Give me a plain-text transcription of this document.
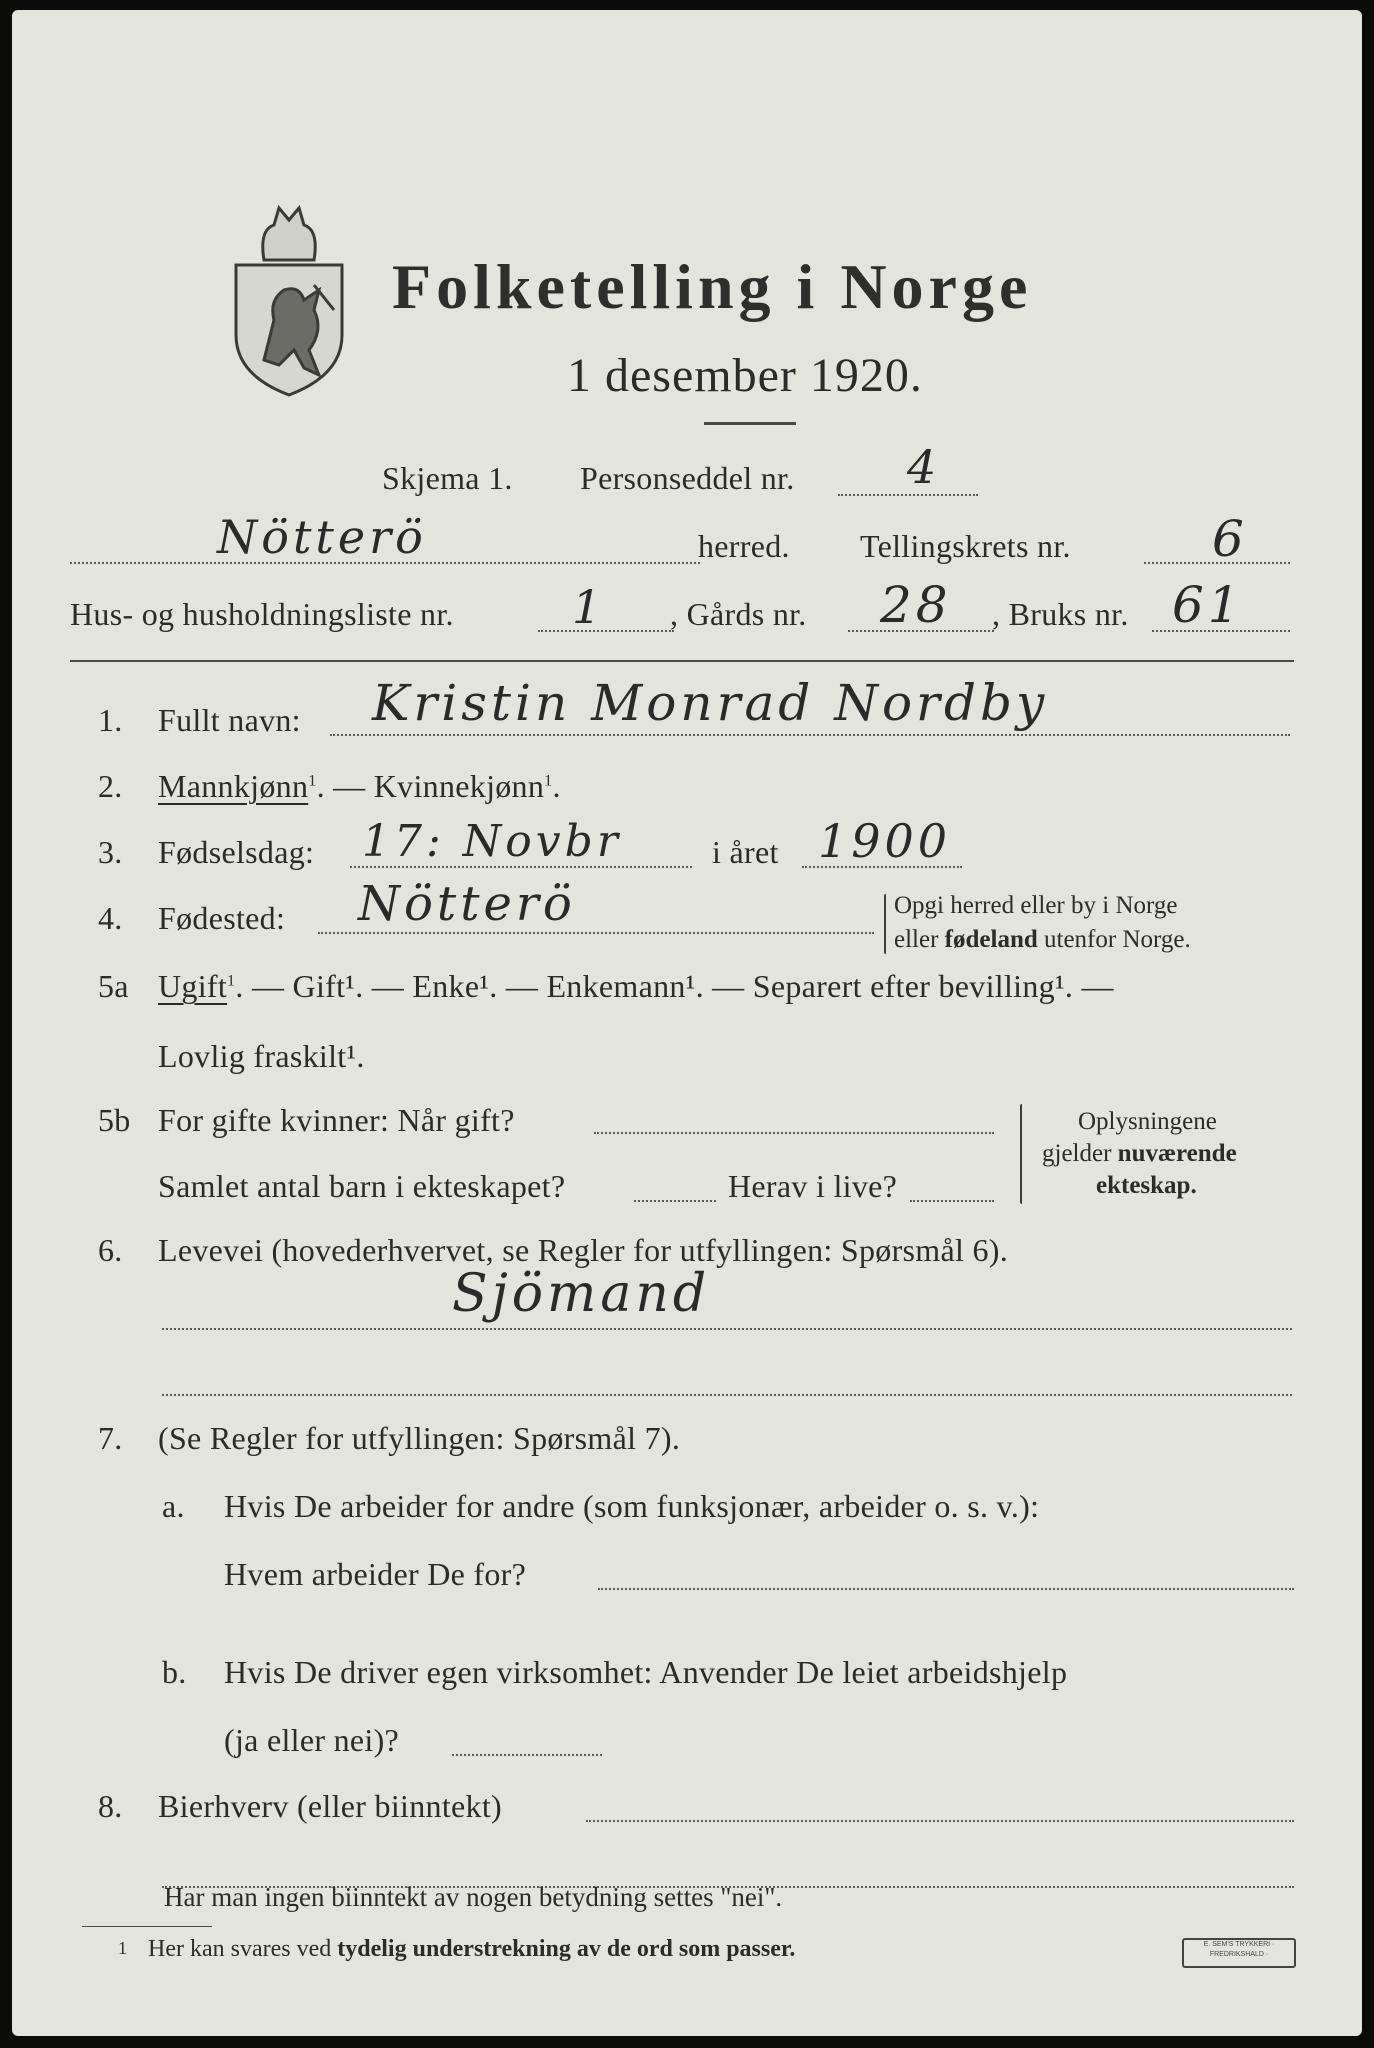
Folketelling i Norge
1 desember 1920.
Skjema 1. Personseddel nr. 4
Nötterö	herred. Tellingskrets nr.	6
Hus- og husholdningsliste nr.	1 , Gårds nr. 28 , Bruks nr. 61
1. Fullt navn: Kristin Monrad Nordby
2. Mannkjønn$^1$. — Kvinnekjønn$^1$.
3. Fødselsdag: 17: Novbr	i året 1900
4. Fødested: Nötterö	Opgi herred eller by i Norge
eller fødeland utenfor Norge.
5a Ugift$^1$. — Gift¹. — Enke¹. — Enkemann¹. — Separert efter bevilling¹. —
Lovlig fraskilt¹.
5b For gifte kvinner: Når gift?
Samlet antal barn i ekteskapet?	Herav i live?
Oplysningene
gjelder nuværende
ekteskap.
6. Levevei (hovederhvervet, se Regler for utfyllingen: Spørsmål 6).
Sjömand
7. (Se Regler for utfyllingen: Spørsmål 7).
a. Hvis De arbeider for andre (som funksjonær, arbeider o. s. v.):
Hvem arbeider De for?
b. Hvis De driver egen virksomhet: Anvender De leiet arbeidshjelp
(ja eller nei)?
8. Bierhverv (eller biinntekt)
Har man ingen biinntekt av nogen betydning settes "nei".
1 Her kan svares ved tydelig understrekning av de ord som passer.	E. SEM'S TRYKKERI · FREDRIKSHALD ·
